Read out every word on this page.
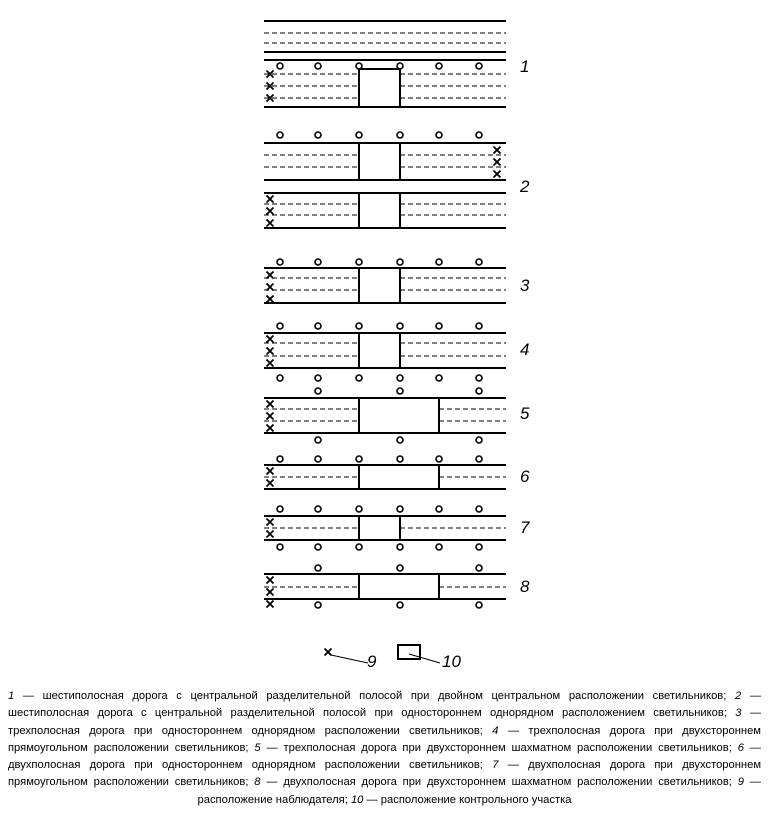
1
2
3
4
5
6
7
8
9	10
1 — шестиполосная дорога с центральной разделительной полосой при двойном центральном расположении светильников; 2 — шестиполосная дорога с центральной разделительной полосой при одностороннем однорядном расположением светильников; 3 — трехполосная дорога при одностороннем однорядном расположении светильников; 4 — трехполосная дорога при двухстороннем прямоугольном расположении светильников; 5 — трехполосная дорога при двухстороннем шахматном расположении светильников; 6 — двухполосная дорога при одностороннем однорядном расположении светильников; 7 — двухполосная дорога при двухстороннем прямоугольном расположении светильников; 8 — двухполосная дорога при двухстороннем шахматном расположении светильников; 9 — расположение наблюдателя; 10 — расположение контрольного участка
